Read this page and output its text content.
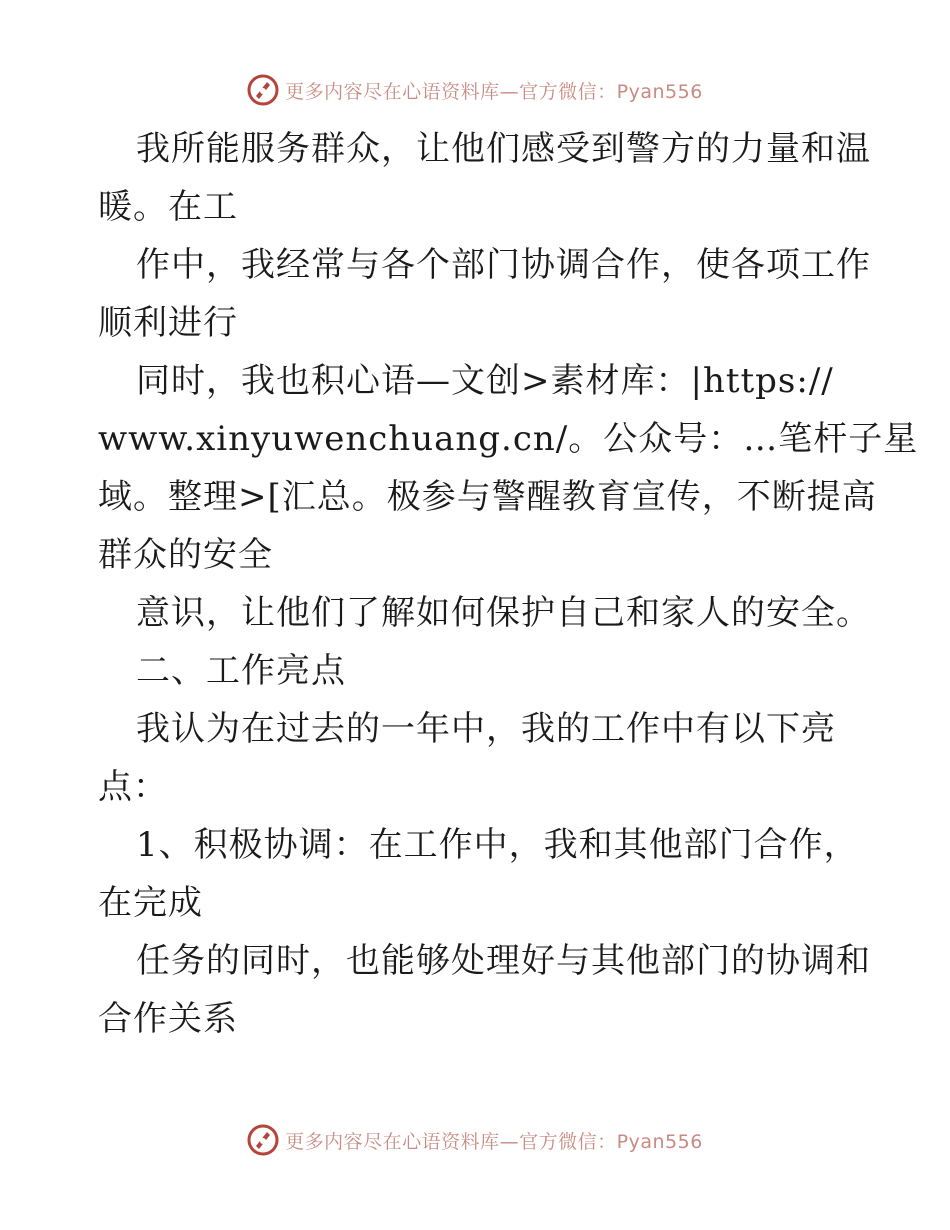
更多内容尽在心语资料库—官方微信：Pyan556

我所能服务群众，让他们感受到警方的力量和温

暖。在工

作中，我经常与各个部门协调合作，使各项工作

顺利进行

同时，我也积心语—文创>素材库：|https://

www.xinyuwenchuang.cn/。公众号：…笔杆子星

域。整理>[汇总。极参与警醒教育宣传，不断提高

群众的安全

意识，让他们了解如何保护自己和家人的安全。

二、工作亮点

我认为在过去的一年中，我的工作中有以下亮

点：

1、积极协调：在工作中，我和其他部门合作，

在完成

任务的同时，也能够处理好与其他部门的协调和

合作关系

更多内容尽在心语资料库—官方微信：Pyan556
